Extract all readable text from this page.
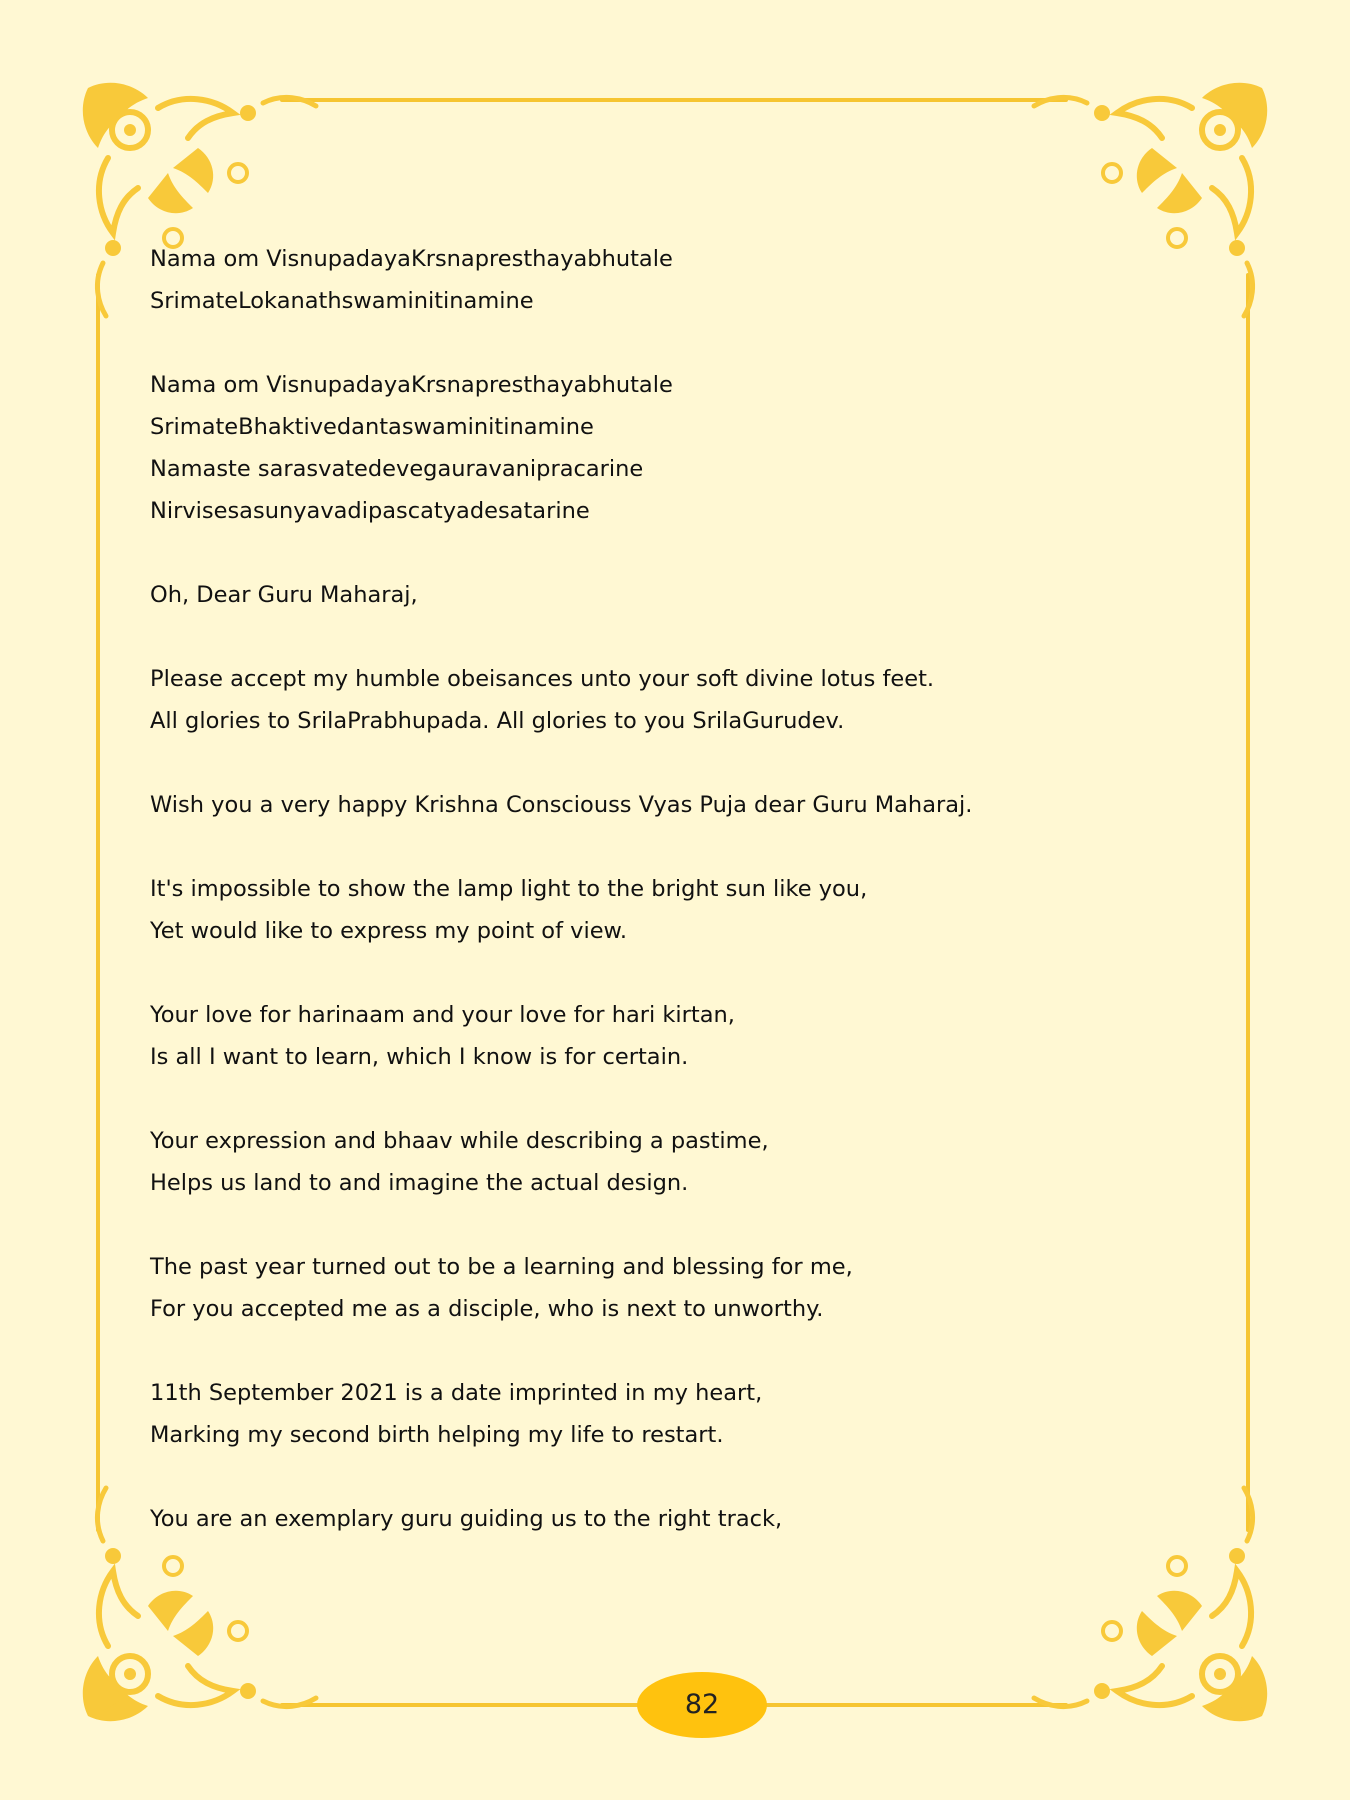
Nama om VisnupadayaKrsnapresthayabhutale
SrimateLokanathswaminitinamine
Nama om VisnupadayaKrsnapresthayabhutale
SrimateBhaktivedantaswaminitinamine
Namaste sarasvatedevegauravanipracarine
Nirvisesasunyavadipascatyadesatarine
Oh, Dear Guru Maharaj,
Please accept my humble obeisances unto your soft divine lotus feet.
All glories to SrilaPrabhupada. All glories to you SrilaGurudev.
Wish you a very happy Krishna Consciouss Vyas Puja dear Guru Maharaj.
It's impossible to show the lamp light to the bright sun like you,
Yet would like to express my point of view.
Your love for harinaam and your love for hari kirtan,
Is all I want to learn, which I know is for certain.
Your expression and bhaav while describing a pastime,
Helps us land to and imagine the actual design.
The past year turned out to be a learning and blessing for me,
For you accepted me as a disciple, who is next to unworthy.
11th September 2021 is a date imprinted in my heart,
Marking my second birth helping my life to restart.
You are an exemplary guru guiding us to the right track,
82
